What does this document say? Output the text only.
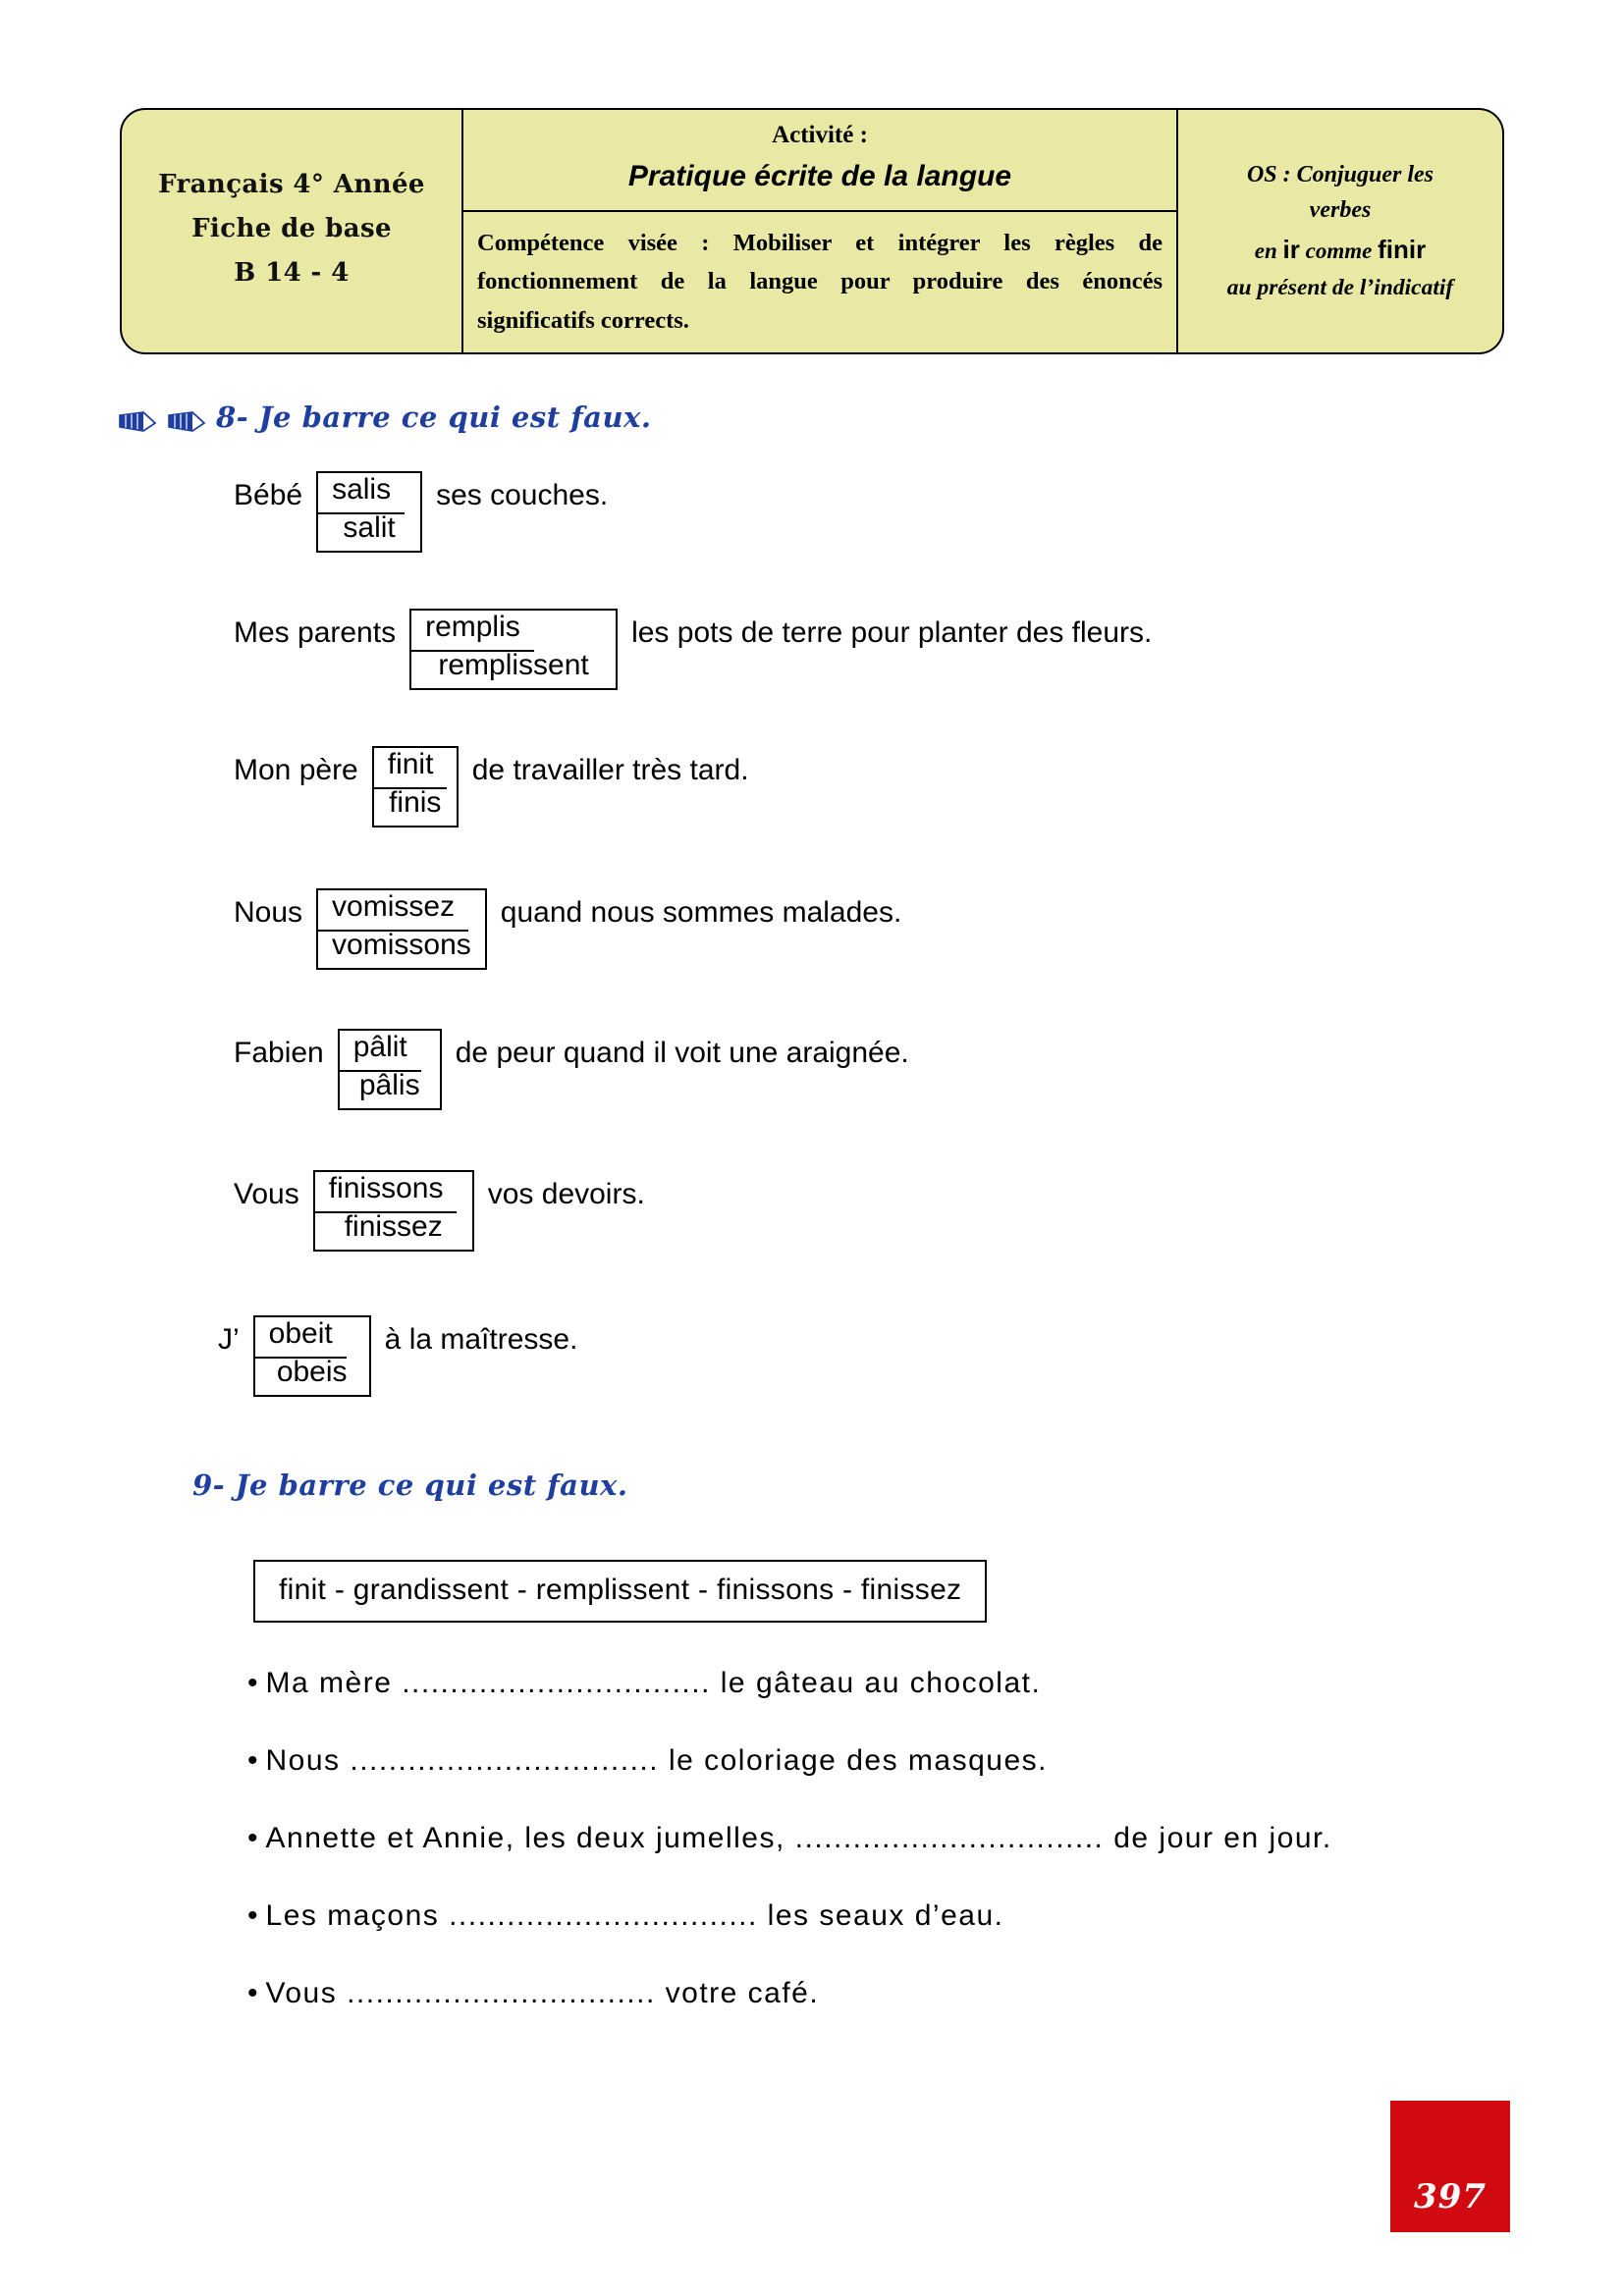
Français 4° Année
Fiche de base
B 14 - 4
Activité :
Pratique écrite de la langue
Compétence visée : Mobiliser et intégrer les règles de fonctionnement de la langue pour produire des énoncés significatifs corrects.
OS : Conjuguer les
verbes
en ir comme finir
au présent de l’indicatif
8- Je barre ce qui est faux.
Bébé	salis
salit
ses couches.
Mes parents	remplis
remplissent
les pots de terre pour planter des fleurs.
Mon père	finit
finis
de travailler très tard.
Nous	vomissez
vomissons
quand nous sommes malades.
Fabien	pâlit
pâlis
de peur quand il voit une araignée.
Vous	finissons
finissez
vos devoirs.
J’	obeit
obeis
à la maîtresse.
9- Je barre ce qui est faux.
finit - grandissent - remplissent - finissons - finissez
• Ma mère ................................ le gâteau au chocolat.
• Nous ................................ le coloriage des masques.
• Annette et Annie, les deux jumelles, ................................ de jour en jour.
• Les maçons ................................ les seaux d’eau.
• Vous ................................ votre café.
397
